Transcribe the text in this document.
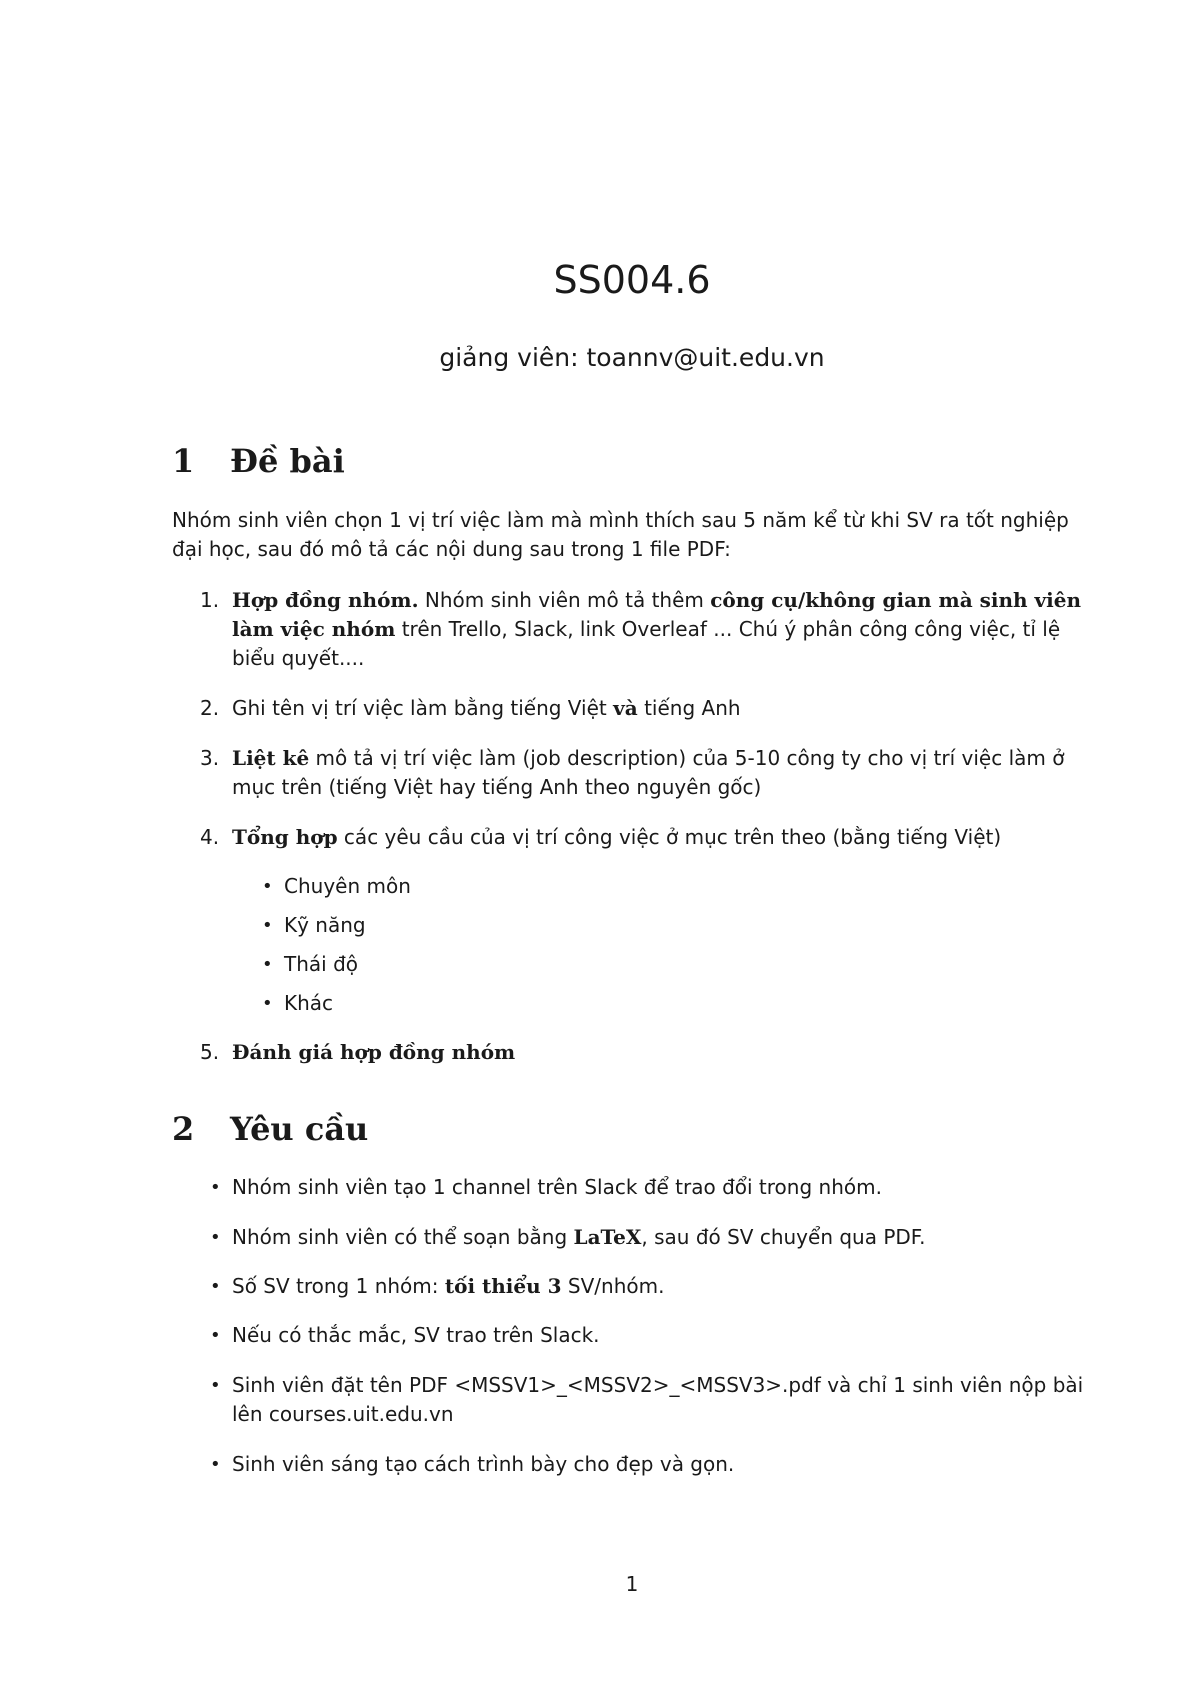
SS004.6
giảng viên: toannv@uit.edu.vn
1 Đề bài
Nhóm sinh viên chọn 1 vị trí việc làm mà mình thích sau 5 năm kể từ khi SV ra tốt nghiệp đại học, sau đó mô tả các nội dung sau trong 1 file PDF:
1. Hợp đồng nhóm. Nhóm sinh viên mô tả thêm công cụ/không gian mà sinh viên làm việc nhóm trên Trello, Slack, link Overleaf ... Chú ý phân công công việc, tỉ lệ biểu quyết....
2. Ghi tên vị trí việc làm bằng tiếng Việt và tiếng Anh
3. Liệt kê mô tả vị trí việc làm (job description) của 5-10 công ty cho vị trí việc làm ở mục trên (tiếng Việt hay tiếng Anh theo nguyên gốc)
4. Tổng hợp các yêu cầu của vị trí công việc ở mục trên theo (bằng tiếng Việt)
• Chuyên môn
• Kỹ năng
• Thái độ
• Khác
5. Đánh giá hợp đồng nhóm
2 Yêu cầu
• Nhóm sinh viên tạo 1 channel trên Slack để trao đổi trong nhóm.
• Nhóm sinh viên có thể soạn bằng LaTeX, sau đó SV chuyển qua PDF.
• Số SV trong 1 nhóm: tối thiểu 3 SV/nhóm.
• Nếu có thắc mắc, SV trao trên Slack.
• Sinh viên đặt tên PDF <MSSV1>_<MSSV2>_<MSSV3>.pdf và chỉ 1 sinh viên nộp bài lên courses.uit.edu.vn
• Sinh viên sáng tạo cách trình bày cho đẹp và gọn.
1
